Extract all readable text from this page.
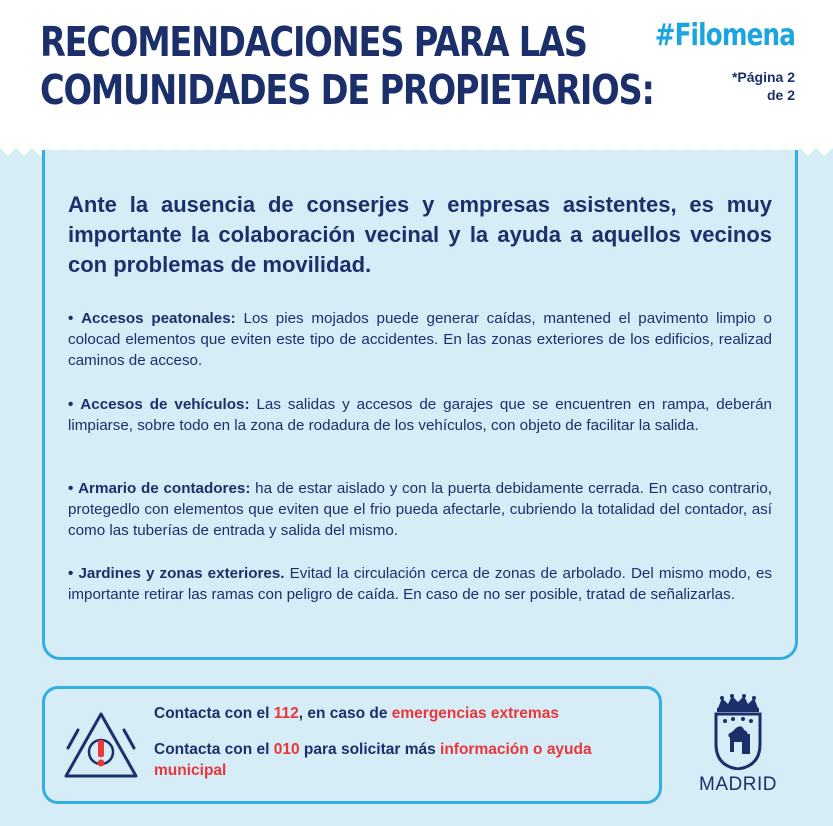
RECOMENDACIONES PARA LAS
COMUNIDADES DE PROPIETARIOS:
#Filomena
*Página 2
de 2

Ante la ausencia de conserjes y empresas asistentes, es muy importante la colaboración vecinal y la ayuda a aquellos vecinos con problemas de movilidad.

• Accesos peatonales: Los pies mojados puede generar caídas, mantened el pavimento limpio o colocad elementos que eviten este tipo de accidentes. En las zonas exteriores de los edificios, realizad caminos de acceso.

• Accesos de vehículos: Las salidas y accesos de garajes que se encuentren en rampa, deberán limpiarse, sobre todo en la zona de rodadura de los vehículos, con objeto de facilitar la salida.

• Armario de contadores: ha de estar aislado y con la puerta debidamente cerrada. En caso contrario, protegedlo con elementos que eviten que el frio pueda afectarle, cubriendo la totalidad del contador, así como las tuberías de entrada y salida del mismo.

• Jardines y zonas exteriores. Evitad la circulación cerca de zonas de arbolado. Del mismo modo, es importante retirar las ramas con peligro de caída. En caso de no ser posible, tratad de señalizarlas.

Contacta con el 112, en caso de emergencias extremas
Contacta con el 010 para solicitar más información o ayuda municipal
MADRID
